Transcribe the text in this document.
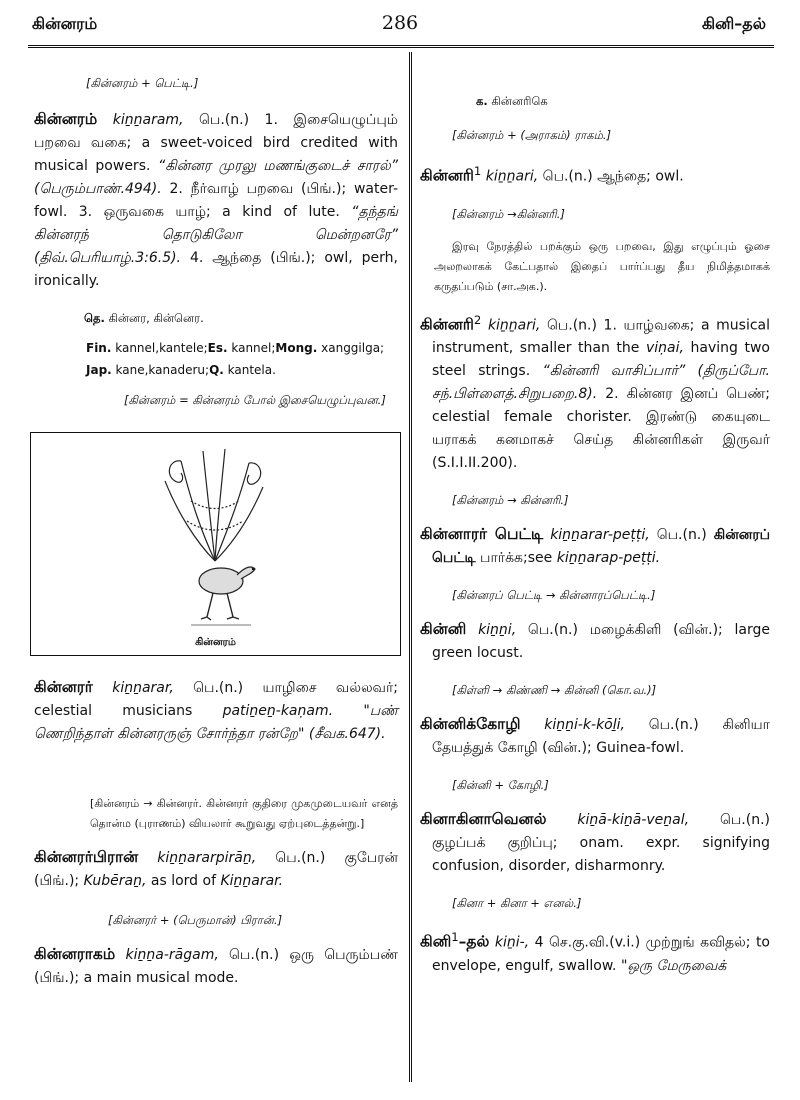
கின்னரம்	286	கினி–தல்

[கின்னரம் + பெட்டி.]

கின்னரம் kiṉṉaram, பெ.(n.) 1. இசையெழுப்பும் பறவை வகை; a sweet-voiced bird credited with musical powers. “கின்னர முரலு மணங்குடைச் சாரல்” (பெரும்பாண்.494). 2. நீர்வாழ் பறவை (பிங்.); water-fowl. 3. ஒருவகை யாழ்; a kind of lute. “தந்தங் கின்னரந் தொடுகிலோ மென்றனரே” (திவ்.பெரியாழ்.3:6.5). 4. ஆந்தை (பிங்.); owl, perh, ironically.

தெ. கின்னர, கின்னெர.

Fin. kannel,kantele;Es. kannel;Mong. xanggilga;
Jap. kane,kanaderu;Q. kantela.

[கின்னரம் = கின்னரம் போல் இசையெழுப்புவன.]

கின்னரம்

கின்னரர் kiṉṉarar, பெ.(n.) யாழிசை வல்லவர்; celestial musicians patiṉeṉ-kaṇam. "பண் ணெறிந்தாள் கின்னரருஞ் சோர்ந்தா ரன்றே" (சீவக.647).

[கின்னரம் → கின்னரர். கின்னரர் குதிரை முகமுடையவர் எனத் தொன்ம (புராணம்) வியலார் கூறுவது ஏற்புடைத்தன்று.]

கின்னரர்பிரான் kiṉṉararpirāṉ, பெ.(n.) குபேரன் (பிங்.); Kubēraṉ, as lord of Kiṉṉarar.

[கின்னரர் + (பெருமான்) பிரான்.]

கின்னராகம் kiṉṉa-rāgam, பெ.(n.) ஒரு பெரும்பண் (பிங்.); a main musical mode.

க. கின்னரிகெ

[கின்னரம் + (அராகம்) ராகம்.]

கின்னரி$^1$ kiṉṉari, பெ.(n.) ஆந்தை; owl.

[கின்னரம் →கின்னரி.]

இரவு நேரத்தில் பறக்கும் ஒரு பறவை, இது எழுப்பும் ஓசை அலறலாகக் கேட்பதால் இதைப் பார்ப்பது தீய நிமித்தமாகக் கருதப்படும் (சா.அக.).

கின்னரி$^2$ kiṉṉari, பெ.(n.) 1. யாழ்வகை; a musical instrument, smaller than the viṇai, having two steel strings. “கின்னரி வாசிப்பார்” (திருப்போ. சந்.பிள்ளைத்.சிறுபறை.8). 2. கின்னர இனப் பெண்; celestial female chorister. இரண்டு கையுடை யராகக் கனமாகச் செய்த கின்னரிகள் இருவர் (S.I.I.II.200).

[கின்னரம் → கின்னரி.]

கின்னாரர் பெட்டி kiṉṉarar-peṭṭi, பெ.(n.) கின்னரப் பெட்டி பார்க்க;see kiṉṉarap-peṭṭi.

[கின்னரப் பெட்டி → கின்னாரப்பெட்டி.]

கின்னி kiṉṉi, பெ.(n.) மழைக்கிளி (வின்.); large green locust.

[கிள்ளி → கிண்ணி → கின்னி (கொ.வ.)]

கின்னிக்கோழி kiṉṉi-k-kōḻi, பெ.(n.) கினியா தேயத்துக் கோழி (வின்.); Guinea-fowl.

[கின்னி + கோழி.]

கினாகினாவெனல் kiṉā-kiṉā-veṉal, பெ.(n.) குழப்பக் குறிப்பு; onam. expr. signifying confusion, disorder, disharmonry.

[கினா + கினா + எனல்.]

கினி$^1$–தல் kiṉi-, 4 செ.கு.வி.(v.i.) முற்றுங் கவிதல்; to envelope, engulf, swallow. "ஒரு மேருவைக்
